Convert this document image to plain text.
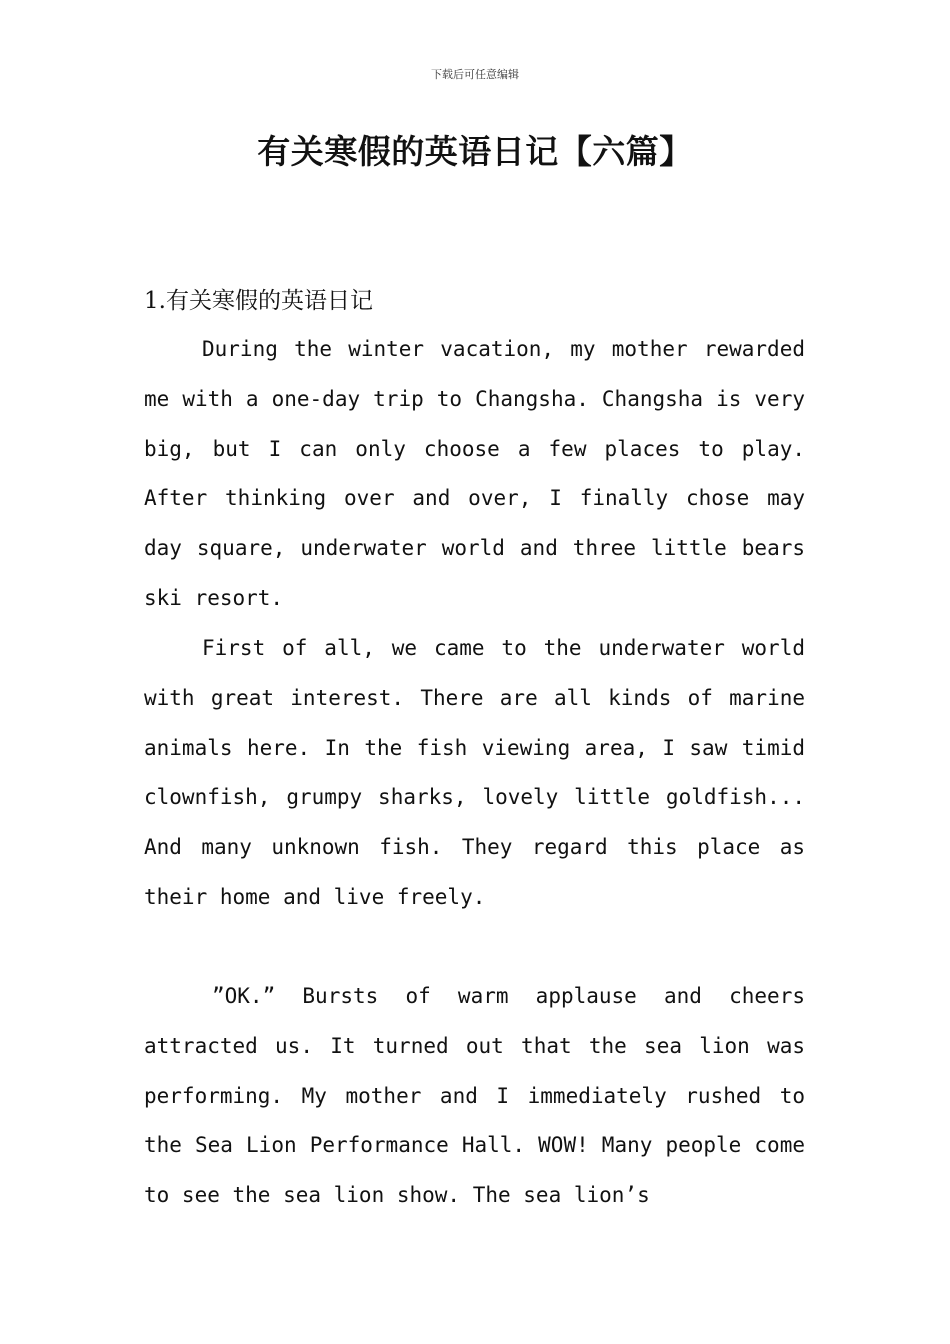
下载后可任意编辑
有关寒假的英语日记【六篇】
1.有关寒假的英语日记

During the winter vacation, my mother rewarded me with a one-day trip to Changsha. Changsha is very big, but I can only choose a few places to play. After thinking over and over, I finally chose may day square, underwater world and three little bears ski resort.

First of all, we came to the underwater world with great interest. There are all kinds of marine animals here. In the fish viewing area, I saw timid clownfish, grumpy sharks, lovely little goldfish... And many unknown fish. They regard this place as their home and live freely.

”OK.” Bursts of warm applause and cheers attracted us. It turned out that the sea lion was performing. My mother and I immediately rushed to the Sea Lion Performance Hall. WOW! Many people come to see the sea lion show. The sea lion’s
